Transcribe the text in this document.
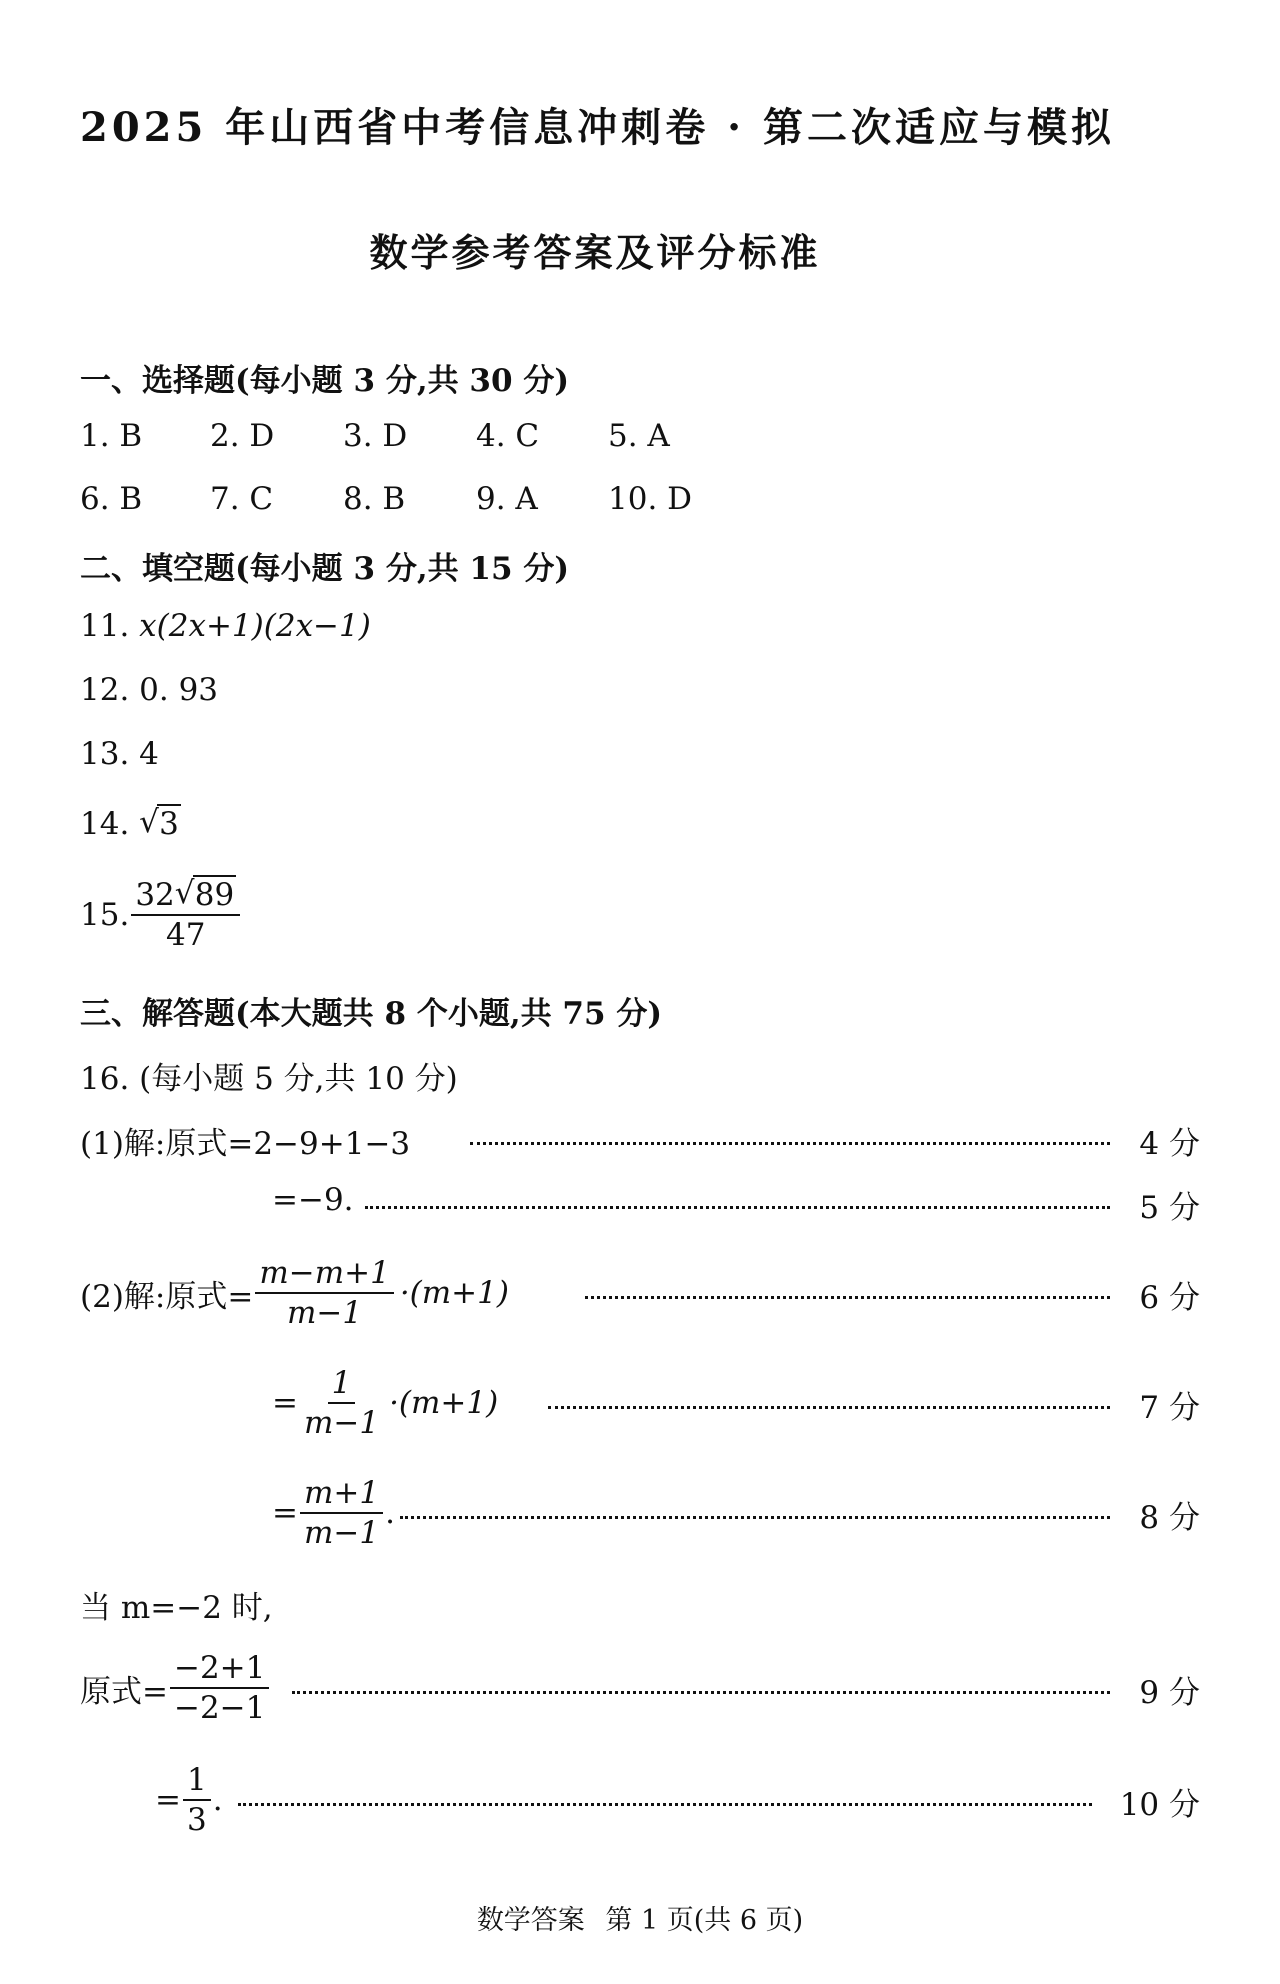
2025 年山西省中考信息冲刺卷 · 第二次适应与模拟
数学参考答案及评分标准
一、选择题(每小题 3 分,共 30 分)
1. B 2. D 3. D 4. C 5. A
6. B 7. C 8. B 9. A 10. D
二、填空题(每小题 3 分,共 15 分)
11. x(2x+1)(2x−1)
12. 0. 93
13. 4
14. √ 3
15. $\frac{32 √ 89}{47}$
三、解答题(本大题共 8 个小题,共 75 分)
16. (每小题 5 分,共 10 分)
(1)解:原式=2−9+1−3	4 分
=−9.	5 分
(2)解:原式= $\frac{m-m+1}{m-1} \cdot(m+1)$	6 分
= $\frac{1}{m-1} \cdot(m+1)$	7 分
= $\frac{m+1}{m-1}$ .	8 分
当 m=−2 时,
原式= $\frac{-2+1}{-2-1}$	9 分
= $\frac{1}{3}$ .	10 分
数学答案 第 1 页(共 6 页)
